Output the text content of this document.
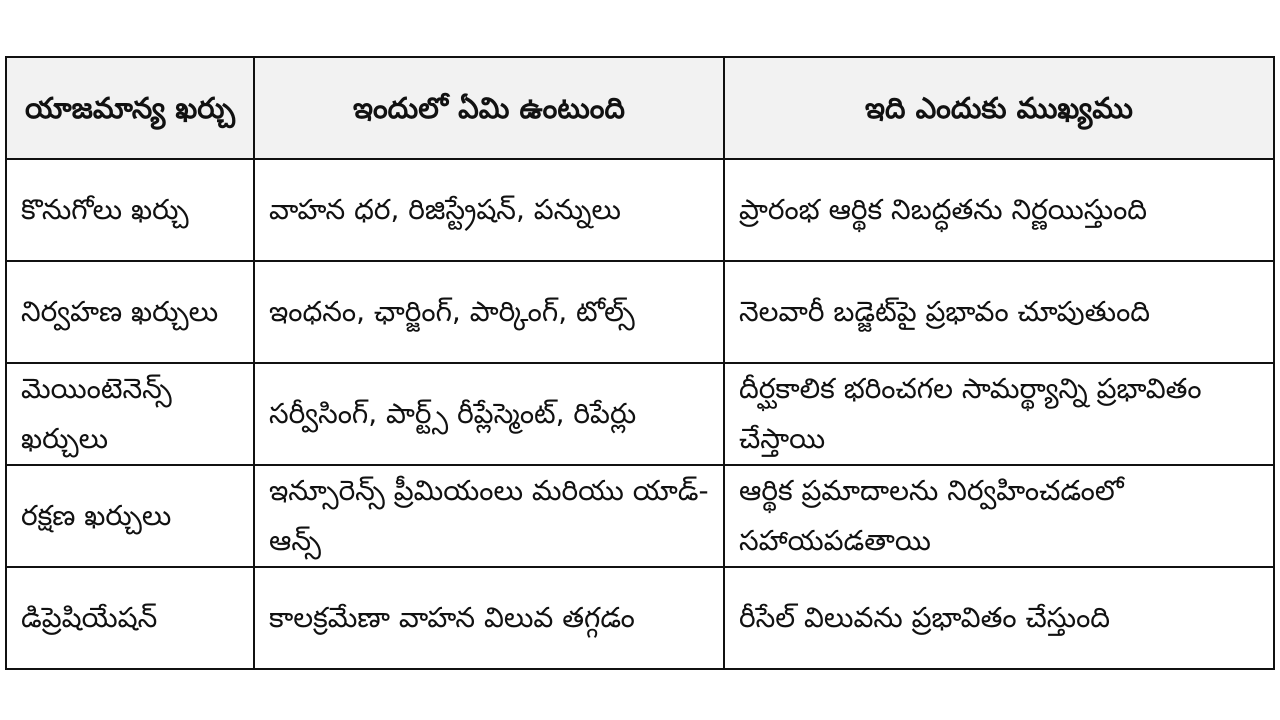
యాజమాన్య ఖర్చు	ఇందులో ఏమి ఉంటుంది	ఇది ఎందుకు ముఖ్యము
కొనుగోలు ఖర్చు	వాహన ధర, రిజిస్ట్రేషన్, పన్నులు	ప్రారంభ ఆర్థిక నిబద్ధతను నిర్ణయిస్తుంది
నిర్వహణ ఖర్చులు	ఇంధనం, ఛార్జింగ్, పార్కింగ్, టోల్స్	నెలవారీ బడ్జెట్‌పై ప్రభావం చూపుతుంది
మెయింటెనెన్స్ ఖర్చులు	సర్వీసింగ్, పార్ట్స్ రీప్లేస్మెంట్, రిపేర్లు	దీర్ఘకాలిక భరించగల సామర్థ్యాన్ని ప్రభావితం చేస్తాయి
రక్షణ ఖర్చులు	ఇన్సూరెన్స్ ప్రీమియంలు మరియు యాడ్-ఆన్స్	ఆర్థిక ప్రమాదాలను నిర్వహించడంలో సహాయపడతాయి
డిప్రెషియేషన్	కాలక్రమేణా వాహన విలువ తగ్గడం	రీసేల్ విలువను ప్రభావితం చేస్తుంది
